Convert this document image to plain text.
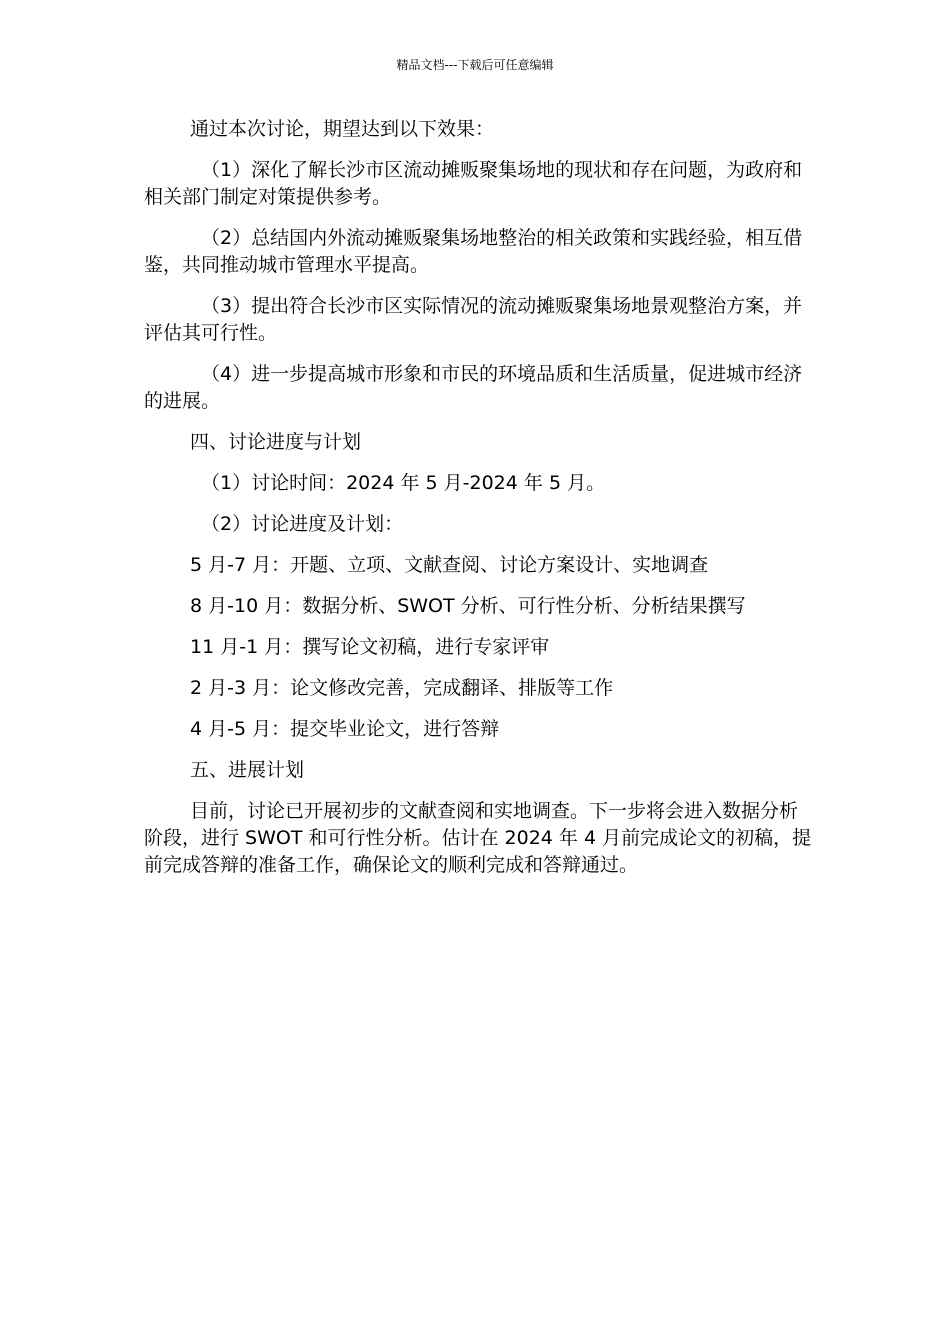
精品文档---下载后可任意编辑

通过本次讨论，期望达到以下效果：

（1）深化了解长沙市区流动摊贩聚集场地的现状和存在问题，为政府和相关部门制定对策提供参考。

（2）总结国内外流动摊贩聚集场地整治的相关政策和实践经验，相互借鉴，共同推动城市管理水平提高。

（3）提出符合长沙市区实际情况的流动摊贩聚集场地景观整治方案，并评估其可行性。

（4）进一步提高城市形象和市民的环境品质和生活质量，促进城市经济的进展。

四、讨论进度与计划

（1）讨论时间：2024 年 5 月-2024 年 5 月。

（2）讨论进度及计划：

5 月-7 月：开题、立项、文献查阅、讨论方案设计、实地调查

8 月-10 月：数据分析、SWOT 分析、可行性分析、分析结果撰写

11 月-1 月：撰写论文初稿，进行专家评审

2 月-3 月：论文修改完善，完成翻译、排版等工作

4 月-5 月：提交毕业论文，进行答辩

五、进展计划

目前，讨论已开展初步的文献查阅和实地调查。下一步将会进入数据分析阶段，进行 SWOT 和可行性分析。估计在 2024 年 4 月前完成论文的初稿，提前完成答辩的准备工作，确保论文的顺利完成和答辩通过。
